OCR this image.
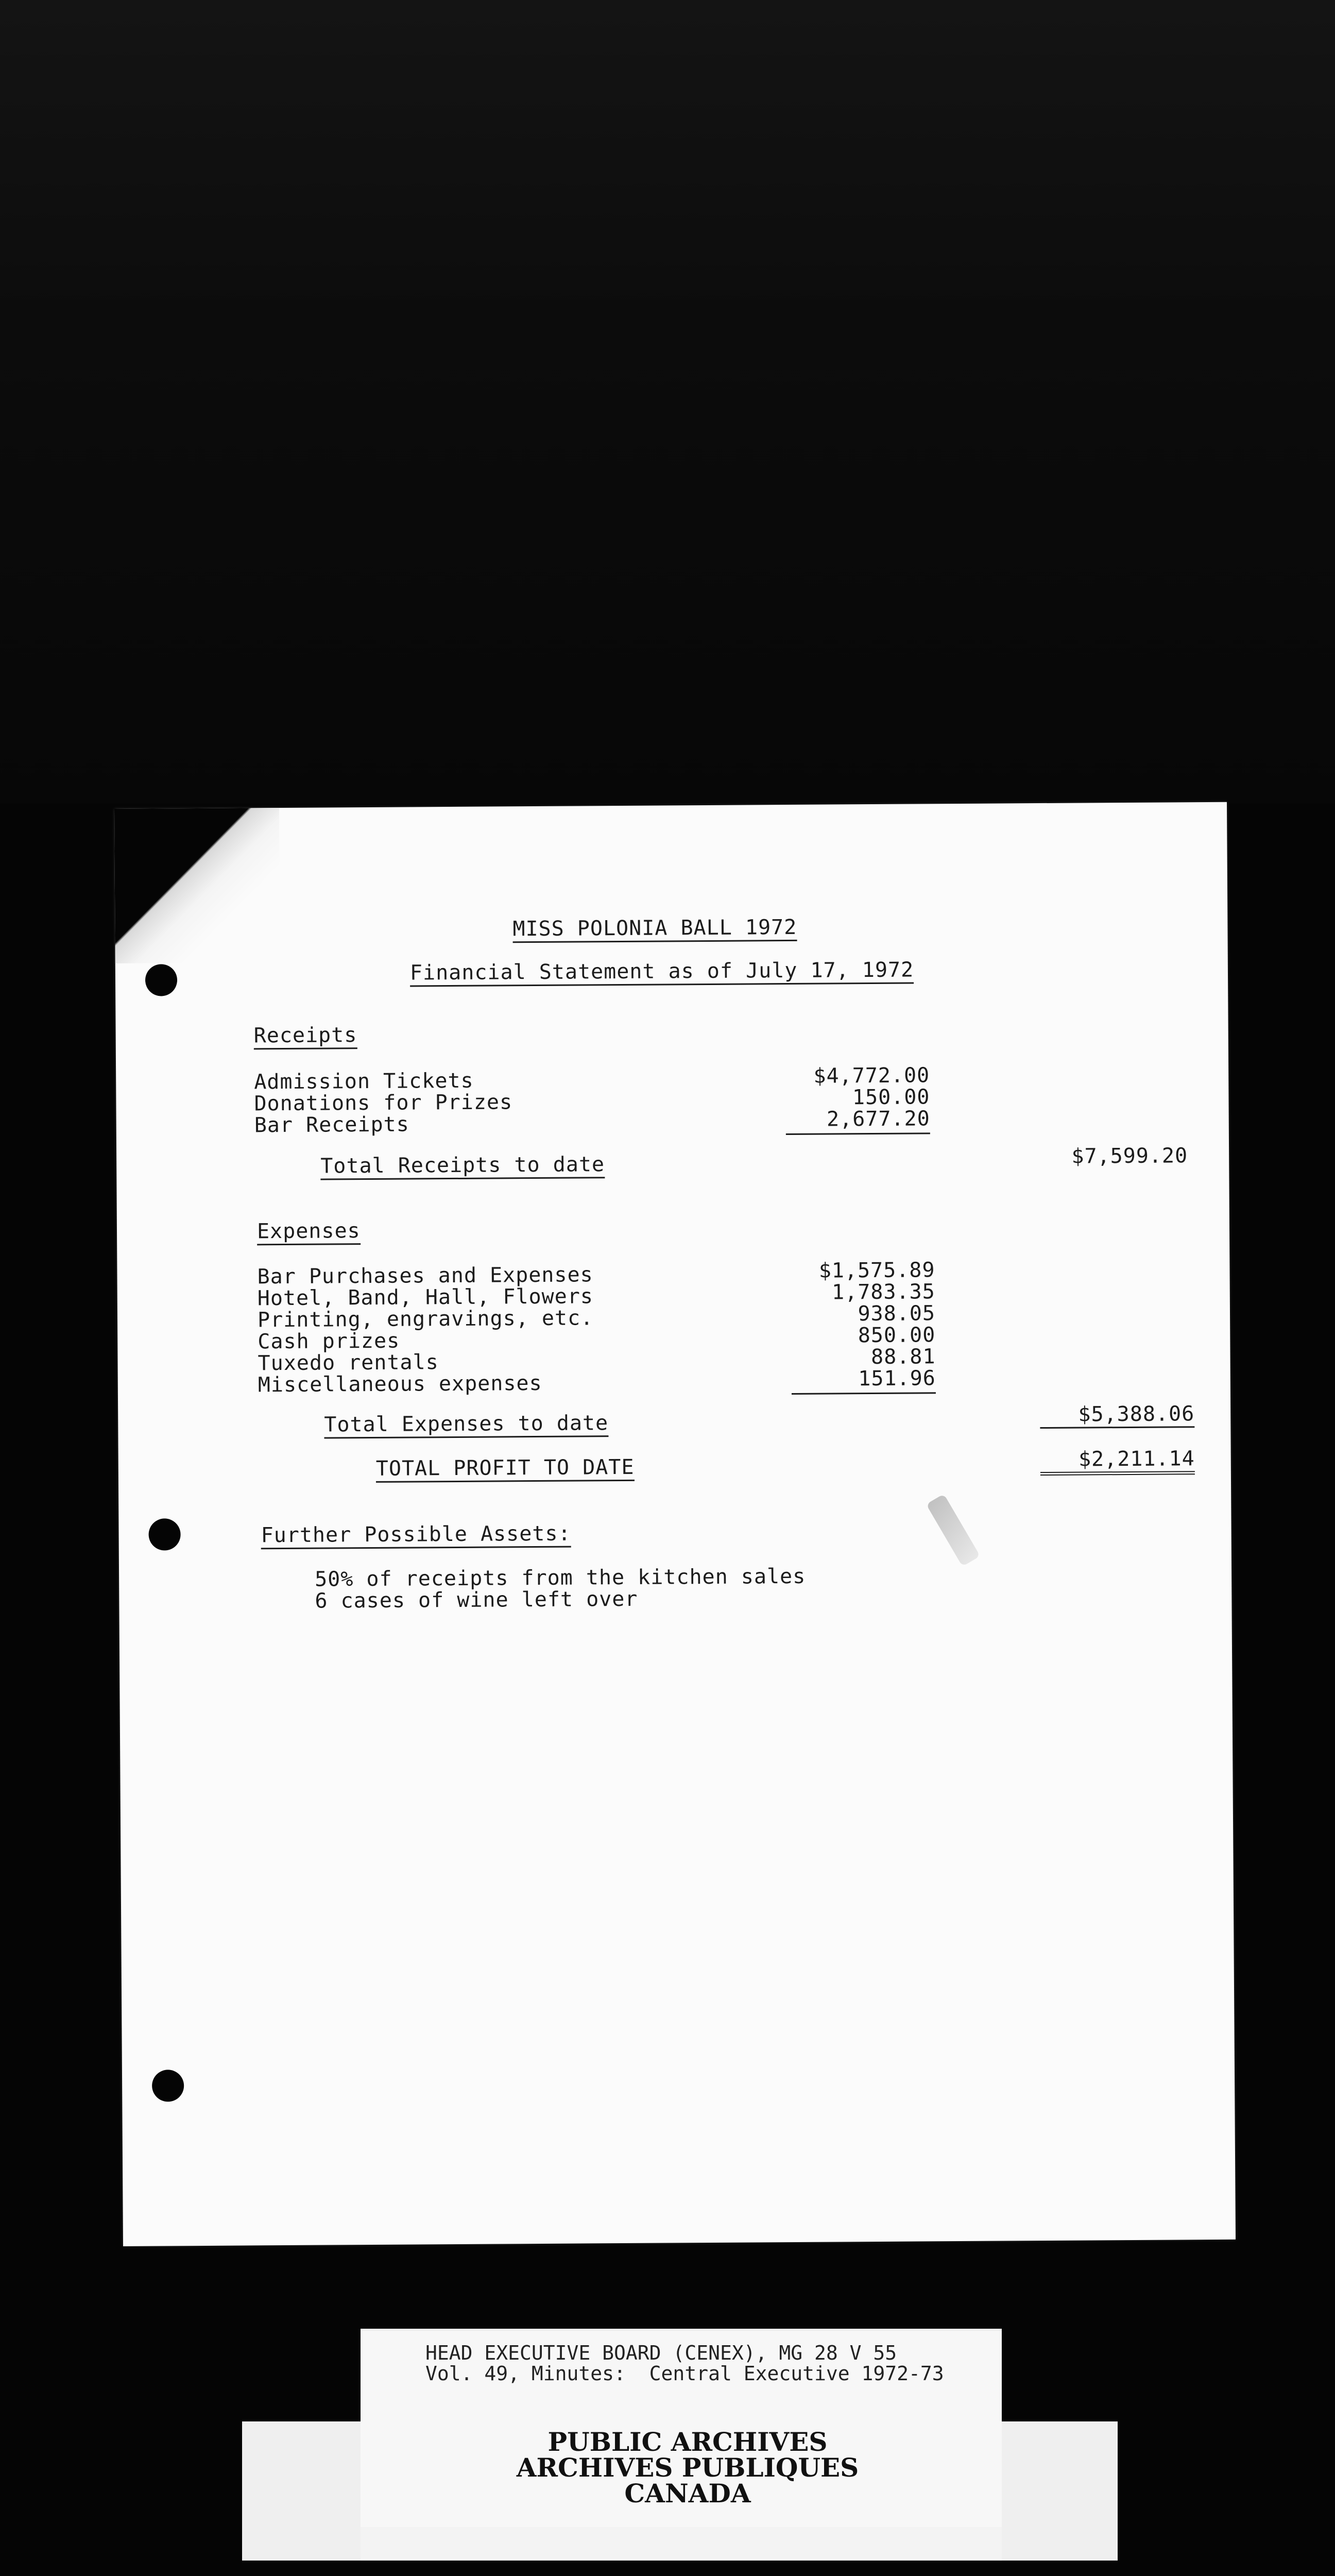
MISS POLONIA BALL 1972
Financial Statement as of July 17, 1972
Receipts
Admission Tickets	$4,772.00
Donations for Prizes	150.00
Bar Receipts	2,677.20
Total Receipts to date	$7,599.20
Expenses
Bar Purchases and Expenses	$1,575.89
Hotel, Band, Hall, Flowers	1,783.35
Printing, engravings, etc.	938.05
Cash prizes	850.00
Tuxedo rentals	88.81
Miscellaneous expenses	151.96
Total Expenses to date	$5,388.06
TOTAL PROFIT TO DATE	$2,211.14
Further Possible Assets:
50% of receipts from the kitchen sales
6 cases of wine left over
HEAD EXECUTIVE BOARD (CENEX), MG 28 V 55
Vol. 49, Minutes:  Central Executive 1972-73
PUBLIC ARCHIVES
ARCHIVES PUBLIQUES
CANADA
